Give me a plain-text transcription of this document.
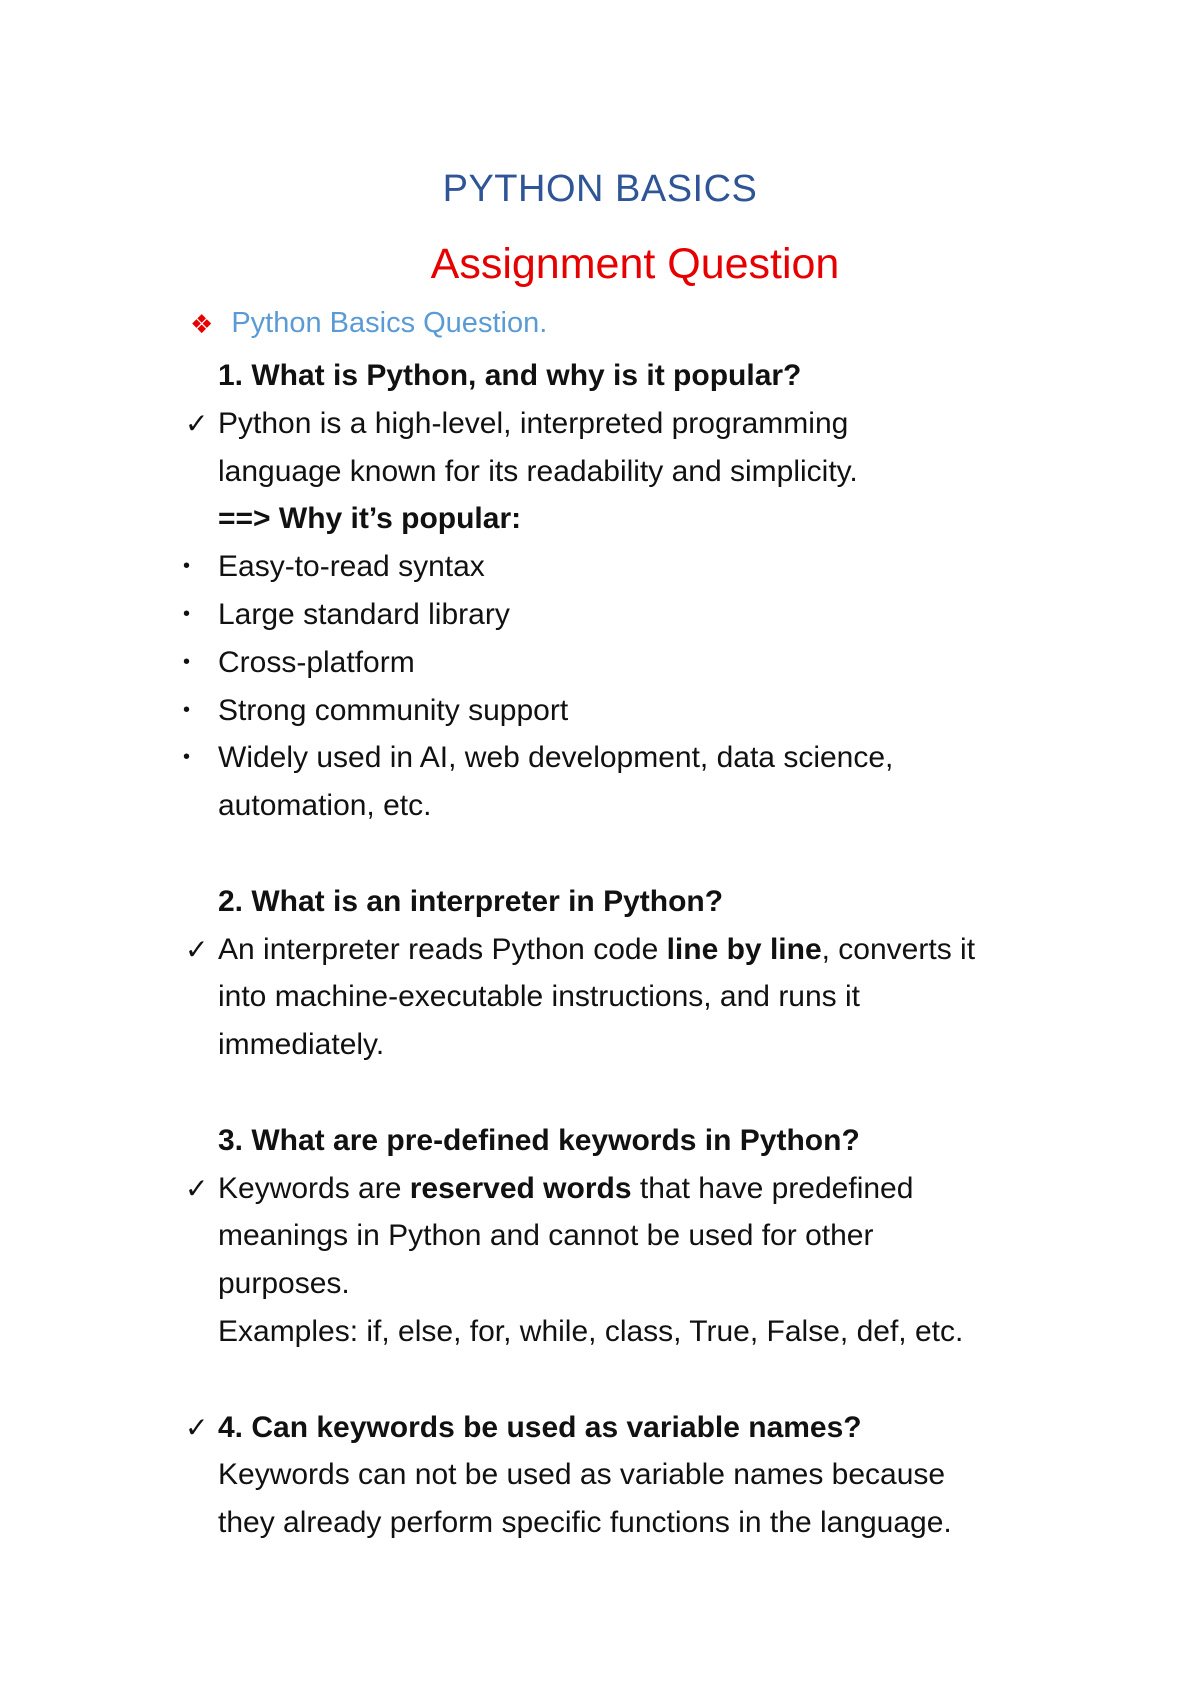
PYTHON BASICS
Assignment Question
❖ Python Basics Question.
1. What is Python, and why is it popular?
✓ Python is a high-level, interpreted programming
language known for its readability and simplicity.
==> Why it’s popular:
• Easy-to-read syntax
• Large standard library
• Cross-platform
• Strong community support
• Widely used in AI, web development, data science,
automation, etc.
2. What is an interpreter in Python?
✓ An interpreter reads Python code line by line, converts it
into machine-executable instructions, and runs it
immediately.
3. What are pre-defined keywords in Python?
✓ Keywords are reserved words that have predefined
meanings in Python and cannot be used for other
purposes.
Examples: if, else, for, while, class, True, False, def, etc.
✓ 4. Can keywords be used as variable names?
Keywords can not be used as variable names because
they already perform specific functions in the language.
